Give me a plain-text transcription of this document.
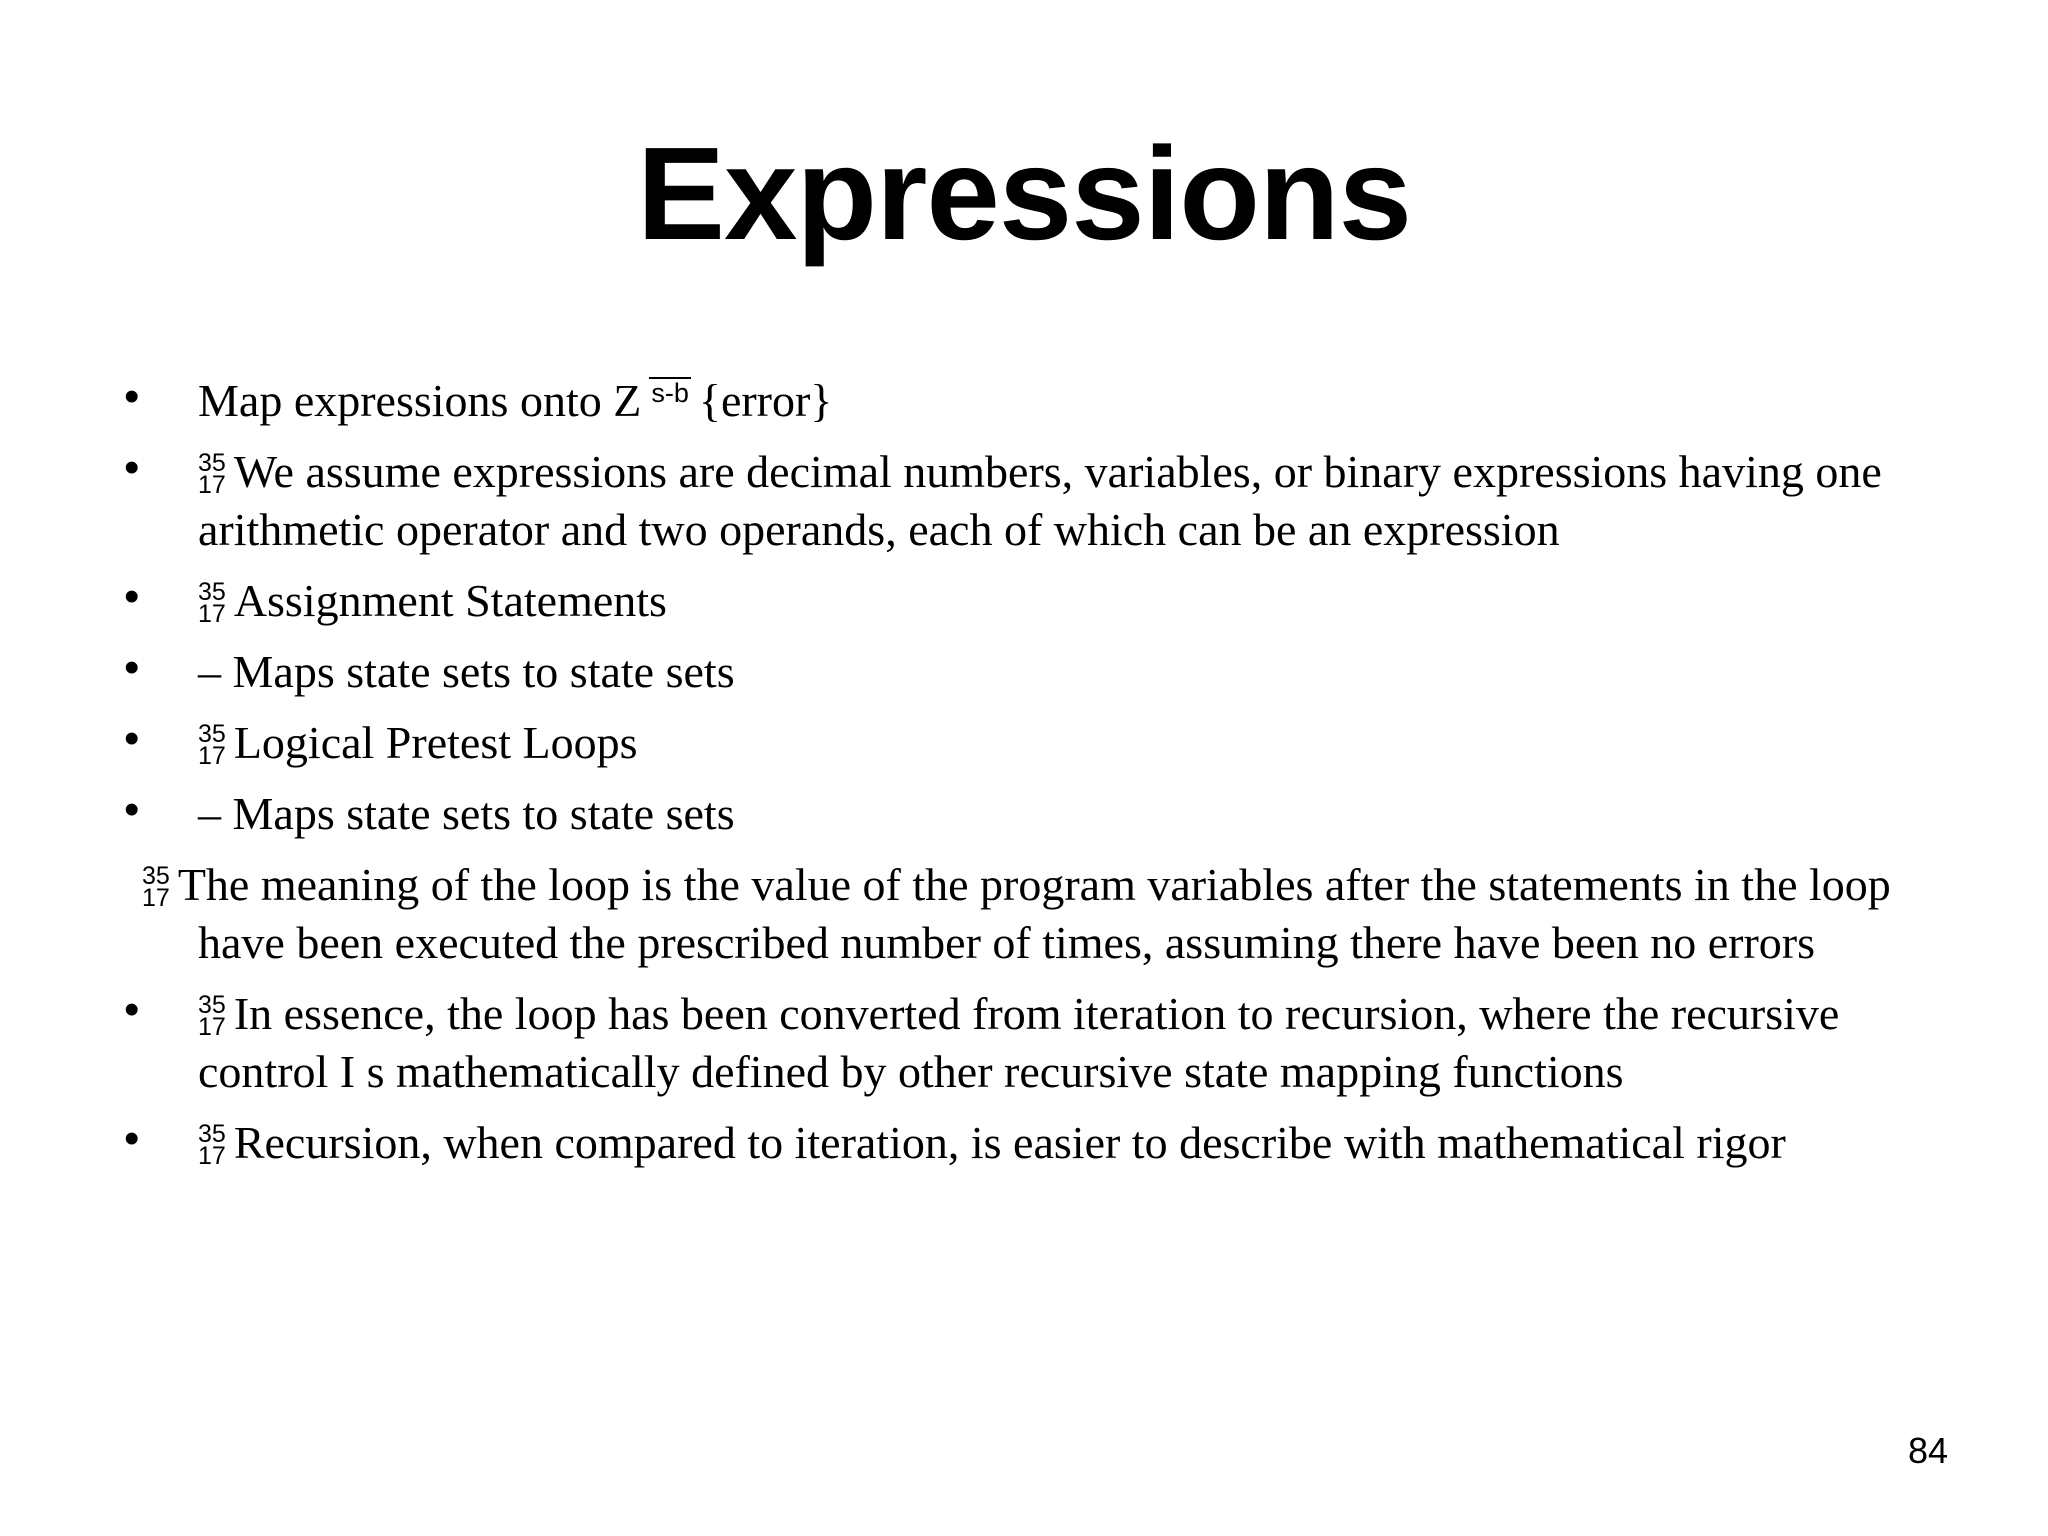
Expressions
• Map expressions onto Z s-b {error}
• 35
17 We assume expressions are decimal numbers, variables, or binary expressions having one arithmetic operator and two operands, each of which can be an expression
• 35
17 Assignment Statements
• – Maps state sets to state sets
• 35
17 Logical Pretest Loops
• – Maps state sets to state sets
35
17 The meaning of the loop is the value of the program variables after the statements in the loop have been executed the prescribed number of times, assuming there have been no errors
• 35
17 In essence, the loop has been converted from iteration to recursion, where the recursive control I s mathematically defined by other recursive state mapping functions
• 35
17 Recursion, when compared to iteration, is easier to describe with mathematical rigor
84
